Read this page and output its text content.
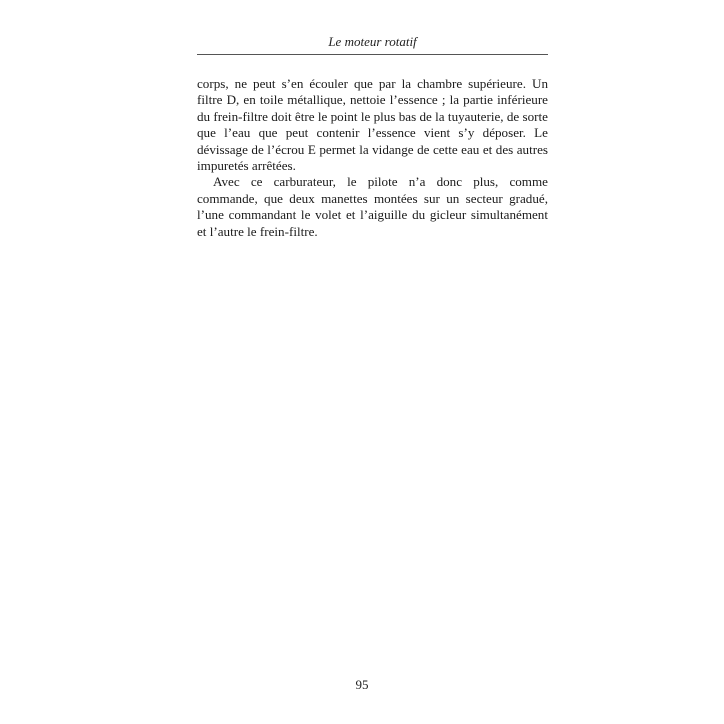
Le moteur rotatif

corps, ne peut s’en écouler que par la chambre supérieure. Un filtre D, en toile métallique, nettoie l’essence ; la partie inférieure du frein-filtre doit être le point le plus bas de la tuyauterie, de sorte que l’eau que peut contenir l’essence vient s’y déposer. Le dévissage de l’écrou E permet la vidange de cette eau et des autres impuretés arrêtées.

Avec ce carburateur, le pilote n’a donc plus, comme commande, que deux manettes montées sur un secteur gradué, l’une commandant le volet et l’aiguille du gicleur simultanément et l’autre le frein-filtre.

95
